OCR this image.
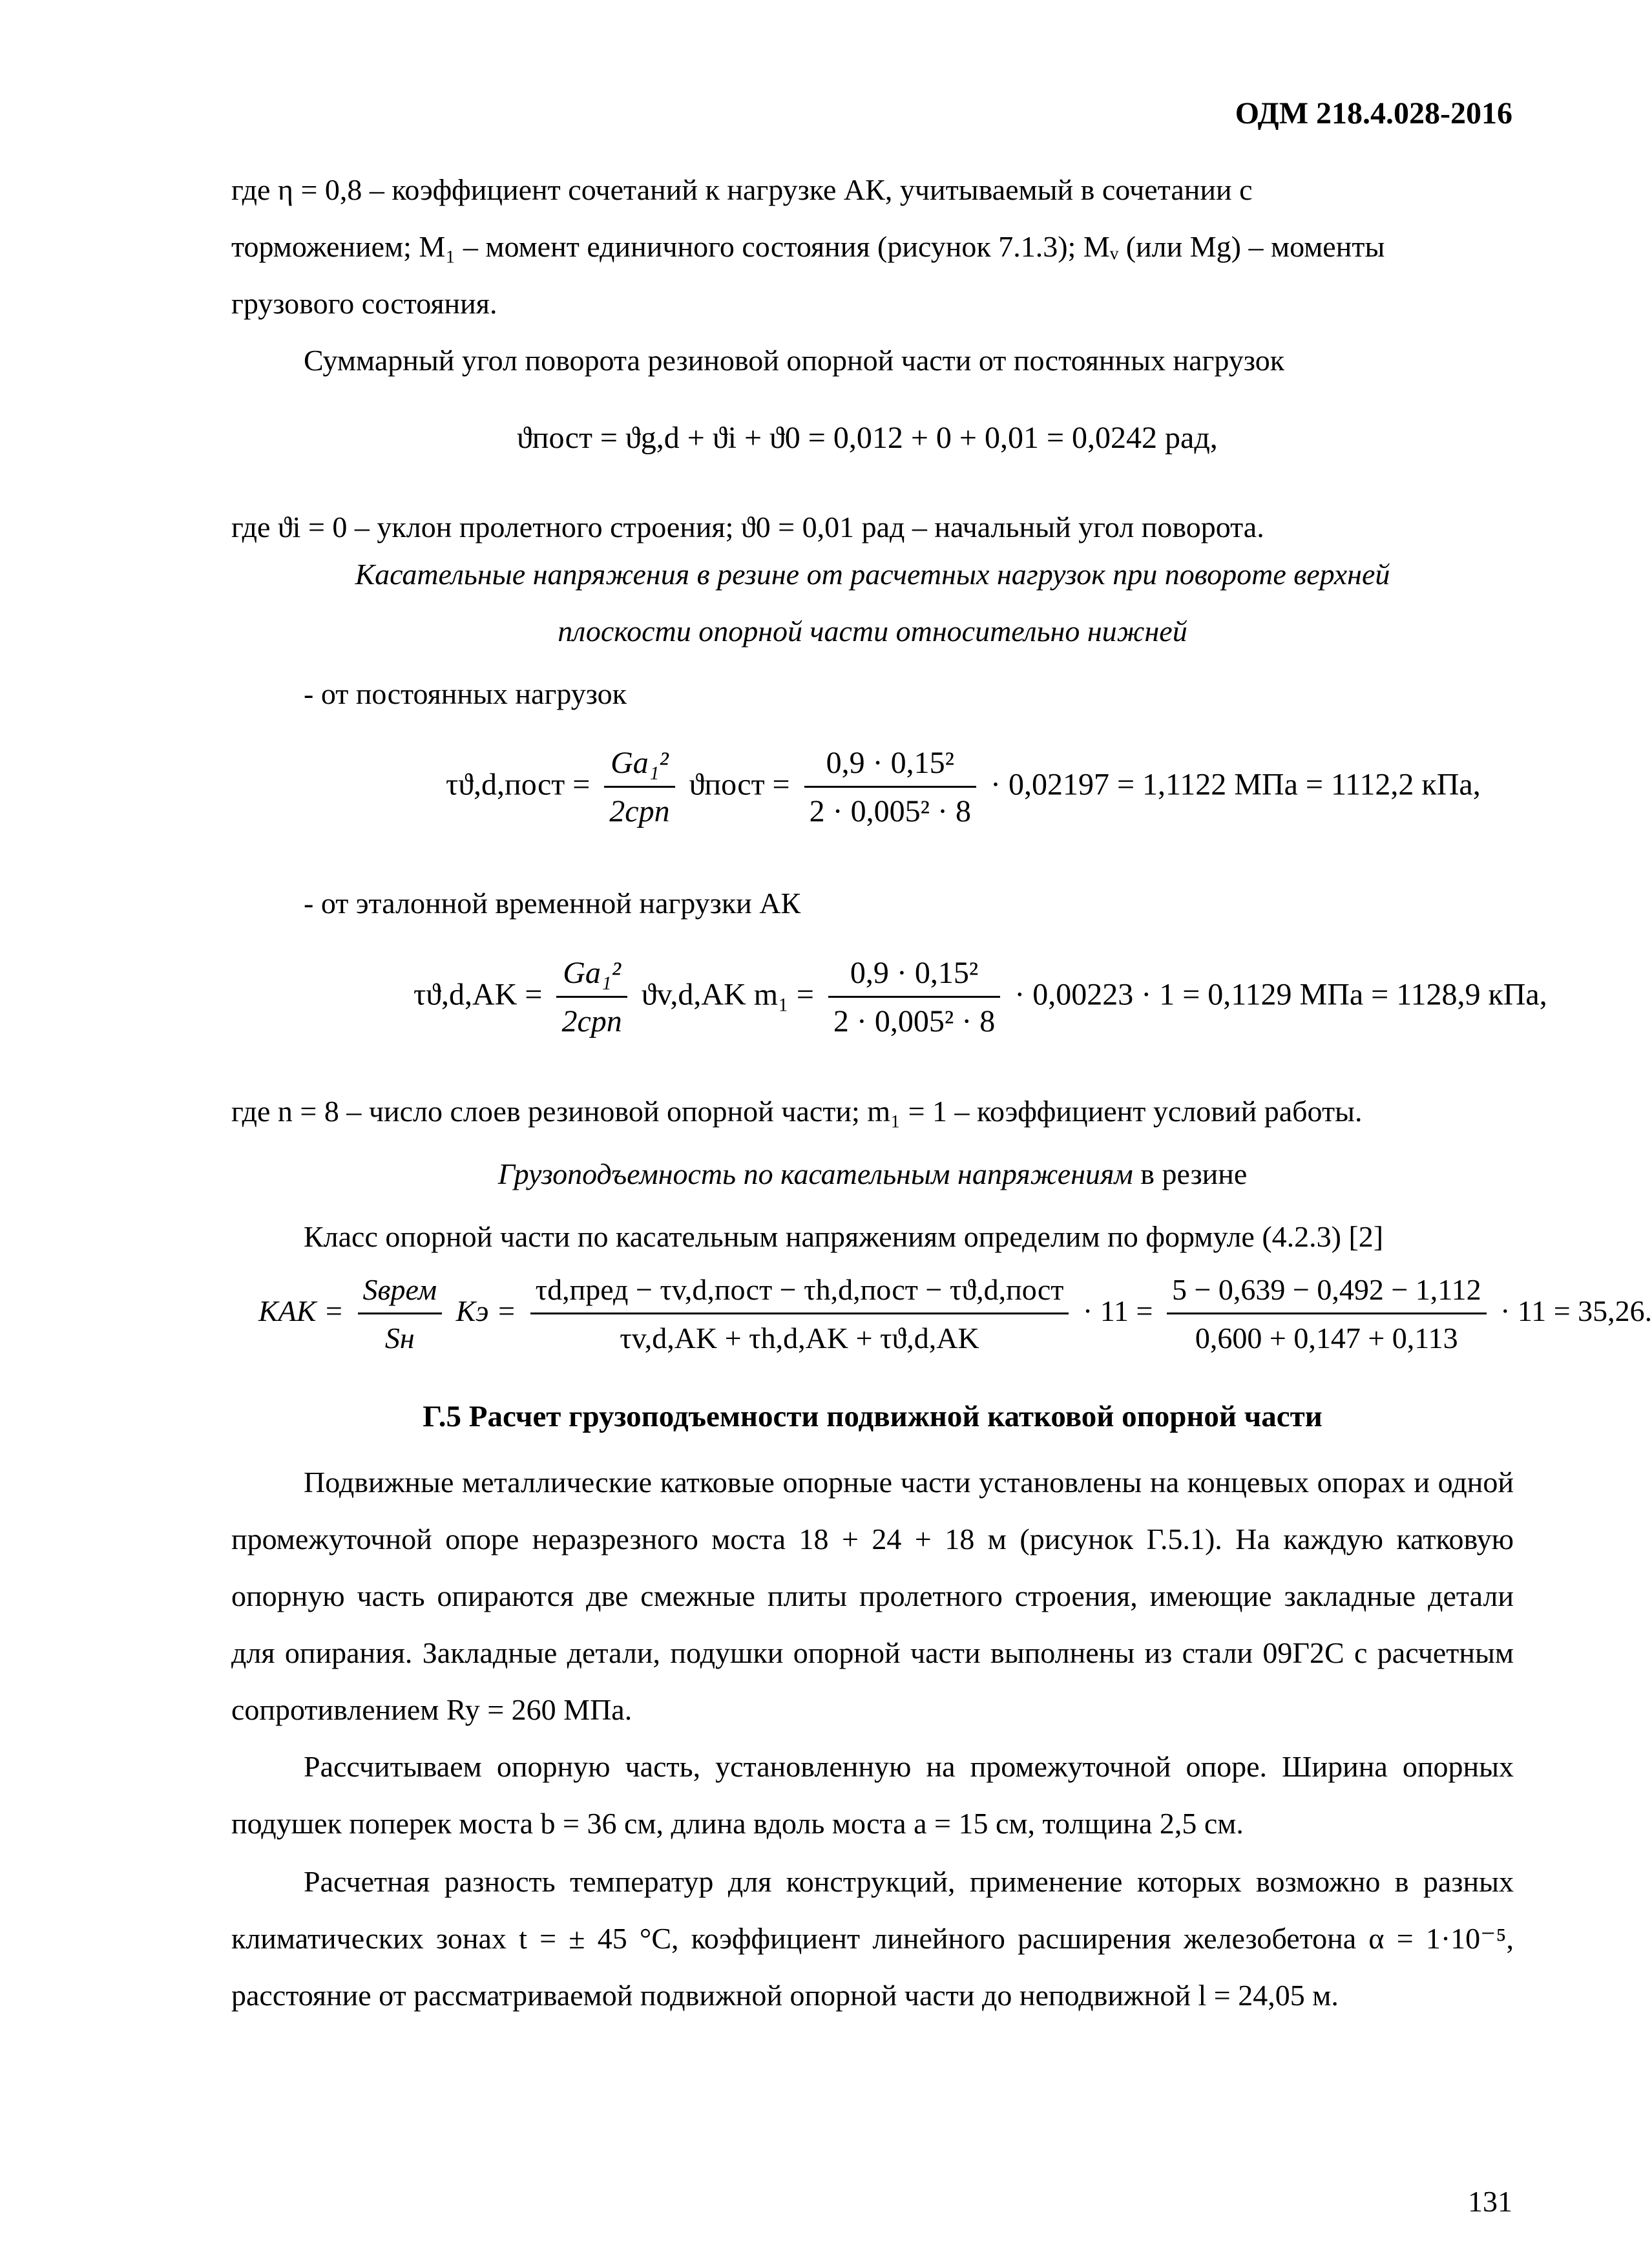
ОДМ 218.4.028-2016
где η = 0,8 – коэффициент сочетаний к нагрузке АК, учитываемый в сочетании с
торможением; M₁ – момент единичного состояния (рисунок 7.1.3); Mᵥ (или Mg) – моменты
грузового состояния.
Суммарный угол поворота резиновой опорной части от постоянных нагрузок
ϑпост = ϑg,d + ϑi + ϑ0 = 0,012 + 0 + 0,01 = 0,0242 рад,
где ϑi = 0 – уклон пролетного строения; ϑ0 = 0,01 рад – начальный угол поворота.
Касательные напряжения в резине от расчетных нагрузок при повороте верхней
плоскости опорной части относительно нижней
- от постоянных нагрузок
τϑ,d,пост = $\frac{\text{Ga₁²}}{\text{2cрn}}$ ϑпост = $\frac{\text{0,9 · 0,15²}}{\text{2 · 0,005² · 8}} \cdot 0,02197 = 1,1122$ МПа = 1112,2 кПа,
- от эталонной временной нагрузки АК
$\tau ϑ,d,AK = \frac{\text{Ga₁²}}{\text{2cрn}} ϑv,d,AK$ $m_1 = \frac{\text{0,9 · 0,15²}}{\text{2 · 0,005² · 8}} \cdot 0,00223 \cdot 1 = 0,1129$ МПа = 1128,9 кПа,
где n = 8 – число слоев резиновой опорной части; m₁ = 1 – коэффициент условий работы.
Грузоподъемность по касательным напряжениям в резине
Класс опорной части по касательным напряжениям определим по формуле (4.2.3) [2]
KAK = $\frac{\text{Sврем}}{Sн}$ Kэ = $\frac{\text{τd,пред − τv,d,пост − τh,d,пост − τϑ,d,пост}}{\tau v,d,AK + \tau h,d,AK + \tau ϑ,d,AK} \cdot 11 = \frac{5 - 0,639 - 0,492 - 1,112}{0,600 + 0,147 + 0,113} \cdot 11 = 35,26$.
Г.5 Расчет грузоподъемности подвижной катковой опорной части
Подвижные металлические катковые опорные части установлены на концевых опорах и одной промежуточной опоре неразрезного моста 18 + 24 + 18 м (рисунок Г.5.1). На каждую катковую опорную часть опираются две смежные плиты пролетного строения, имеющие закладные детали для опирания. Закладные детали, подушки опорной части выполнены из стали 09Г2С с расчетным сопротивлением Ry = 260 МПа.
Рассчитываем опорную часть, установленную на промежуточной опоре. Ширина опорных подушек поперек моста b = 36 см, длина вдоль моста a = 15 см, толщина 2,5 см.
Расчетная разность температур для конструкций, применение которых возможно в разных климатических зонах t = ± 45 °С, коэффициент линейного расширения железобетона α = 1·10⁻⁵, расстояние от рассматриваемой подвижной опорной части до неподвижной l = 24,05 м.
131
